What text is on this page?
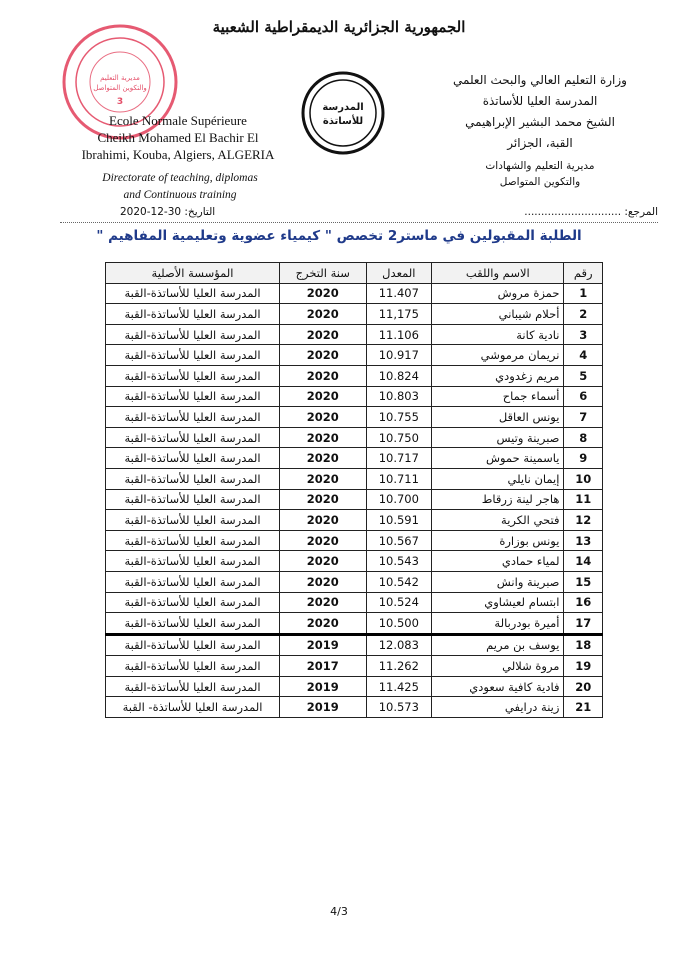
الجمهورية الجزائرية الديمقراطية الشعبية
مديرية التعليم
والتكوين المتواصل
3	المدرسة
للأساتذة
Ecole Normale Supérieure
Cheikh Mohamed El Bachir El
Ibrahimi, Kouba, Algiers, ALGERIA
وزارة التعليم العالي والبحث العلمي
المدرسة العليا للأساتذة
الشيخ محمد البشير الإبراهيمي
القبة، الجزائر
مديرية التعليم والشهادات
والتكوين المتواصل
Directorate of teaching, diplomas
and Continuous training
التاريخ: 30-12-2020	المرجع: .............................
الطلبة المقبولين في ماستر2 تخصص " كيمياء عضوية وتعليمية المفاهيم "
رقم	الاسم واللقب	المعدل	سنة التخرج	المؤسسة الأصلية
1	حمزة مروش	11.407	2020	المدرسة العليا للأساتذة-القبة
2	أحلام شيباني	11,175	2020	المدرسة العليا للأساتذة-القبة
3	نادية كانة	11.106	2020	المدرسة العليا للأساتذة-القبة
4	نريمان مرموشي	10.917	2020	المدرسة العليا للأساتذة-القبة
5	مريم زغدودي	10.824	2020	المدرسة العليا للأساتذة-القبة
6	أسماء جماح	10.803	2020	المدرسة العليا للأساتذة-القبة
7	يونس العاقل	10.755	2020	المدرسة العليا للأساتذة-القبة
8	صبرينة وتيس	10.750	2020	المدرسة العليا للأساتذة-القبة
9	ياسمينة حموش	10.717	2020	المدرسة العليا للأساتذة-القبة
10	إيمان نايلي	10.711	2020	المدرسة العليا للأساتذة-القبة
11	هاجر لينة زرقاط	10.700	2020	المدرسة العليا للأساتذة-القبة
12	فتحي الكرية	10.591	2020	المدرسة العليا للأساتذة-القبة
13	يونس بوزارة	10.567	2020	المدرسة العليا للأساتذة-القبة
14	لمياء حمادي	10.543	2020	المدرسة العليا للأساتذة-القبة
15	صبرينة وانش	10.542	2020	المدرسة العليا للأساتذة-القبة
16	ابتسام لعيشاوي	10.524	2020	المدرسة العليا للأساتذة-القبة
17	أميرة بودربالة	10.500	2020	المدرسة العليا للأساتذة-القبة
18	يوسف بن مريم	12.083	2019	المدرسة العليا للأساتذة-القبة
19	مروة شلالي	11.262	2017	المدرسة العليا للأساتذة-القبة
20	فادية كافية سعودي	11.425	2019	المدرسة العليا للأساتذة-القبة
21	زينة درايفي	10.573	2019	المدرسة العليا للأساتذة- القبة
4/3
